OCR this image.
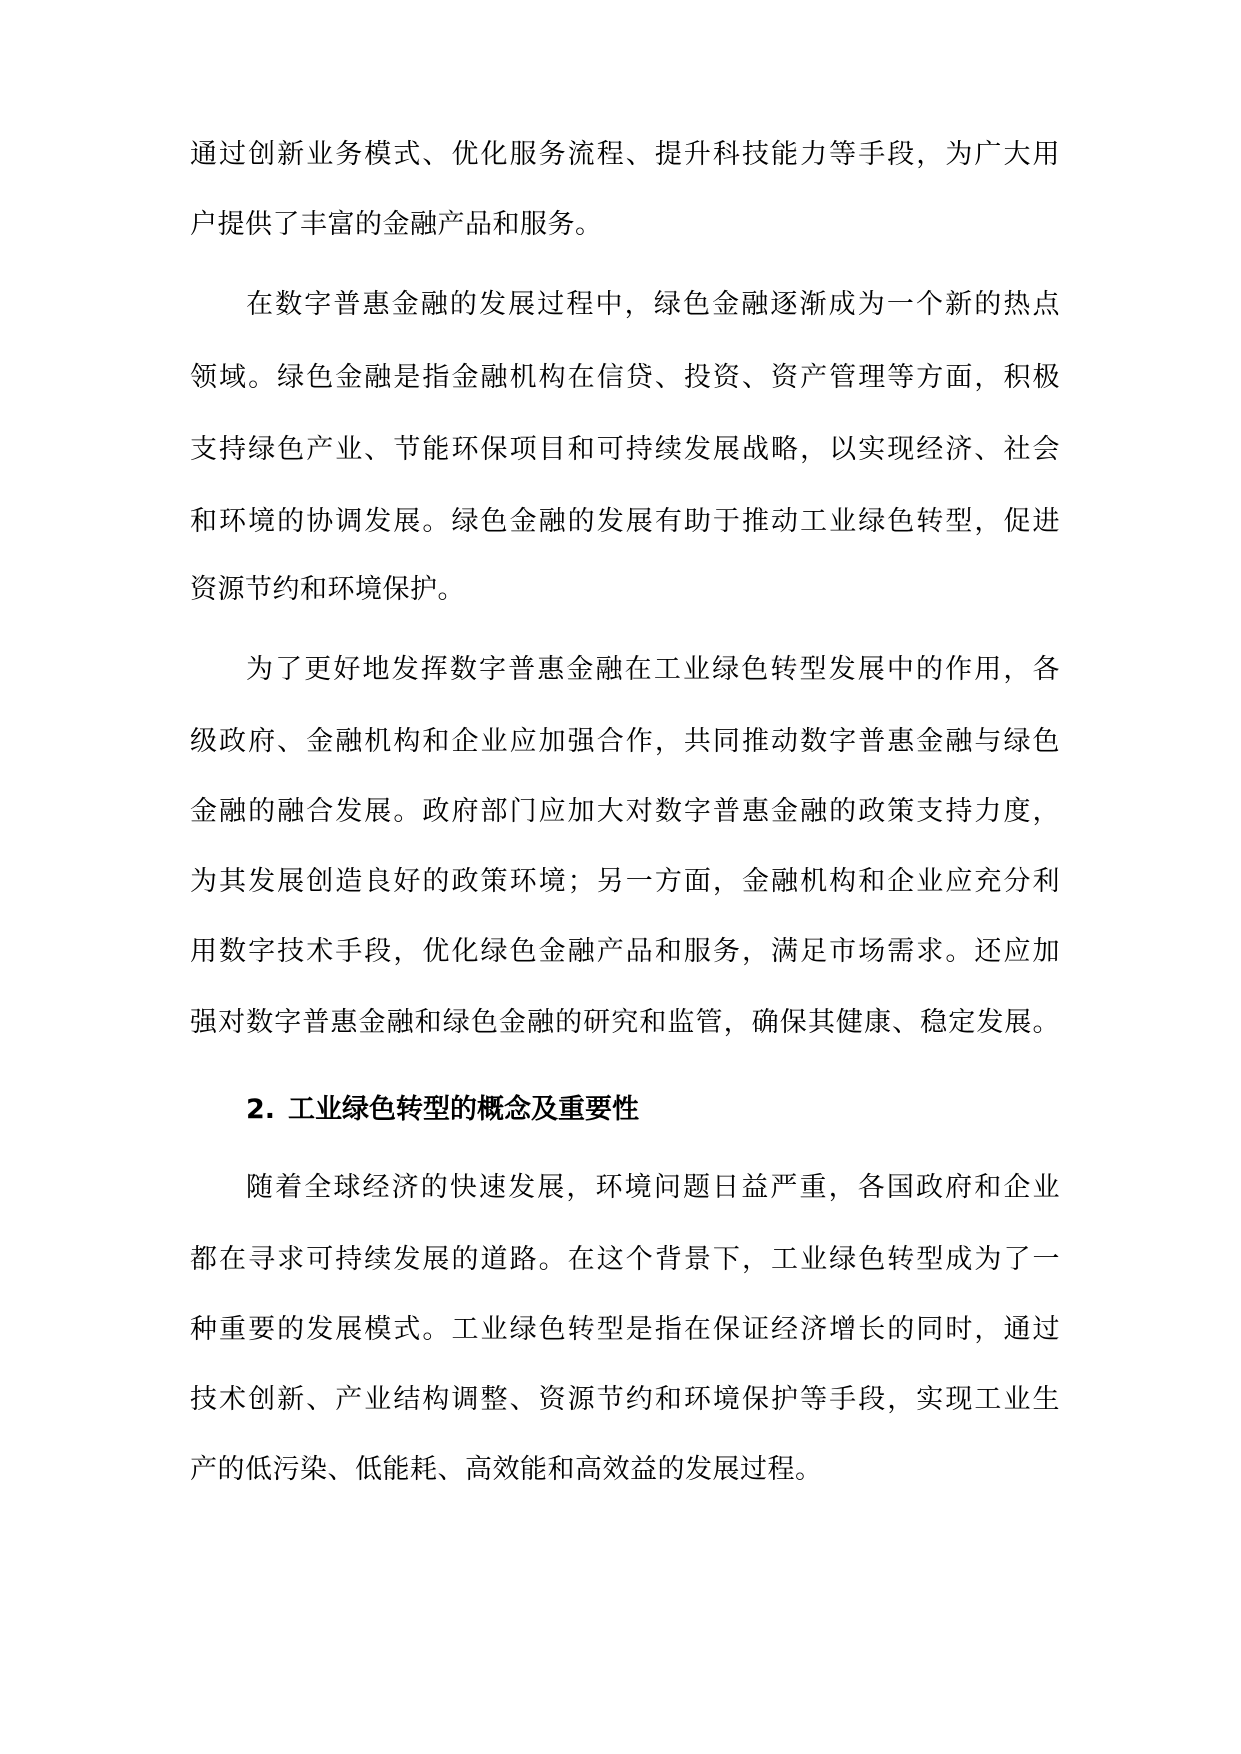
通过创新业务模式、优化服务流程、提升科技能力等手段，为广大用
户提供了丰富的金融产品和服务。
在数字普惠金融的发展过程中，绿色金融逐渐成为一个新的热点
领域。绿色金融是指金融机构在信贷、投资、资产管理等方面，积极
支持绿色产业、节能环保项目和可持续发展战略，以实现经济、社会
和环境的协调发展。绿色金融的发展有助于推动工业绿色转型，促进
资源节约和环境保护。
为了更好地发挥数字普惠金融在工业绿色转型发展中的作用，各
级政府、金融机构和企业应加强合作，共同推动数字普惠金融与绿色
金融的融合发展。政府部门应加大对数字普惠金融的政策支持力度，
为其发展创造良好的政策环境；另一方面，金融机构和企业应充分利
用数字技术手段，优化绿色金融产品和服务，满足市场需求。还应加
强对数字普惠金融和绿色金融的研究和监管，确保其健康、稳定发展。
2. 工业绿色转型的概念及重要性
随着全球经济的快速发展，环境问题日益严重，各国政府和企业
都在寻求可持续发展的道路。在这个背景下，工业绿色转型成为了一
种重要的发展模式。工业绿色转型是指在保证经济增长的同时，通过
技术创新、产业结构调整、资源节约和环境保护等手段，实现工业生
产的低污染、低能耗、高效能和高效益的发展过程。
